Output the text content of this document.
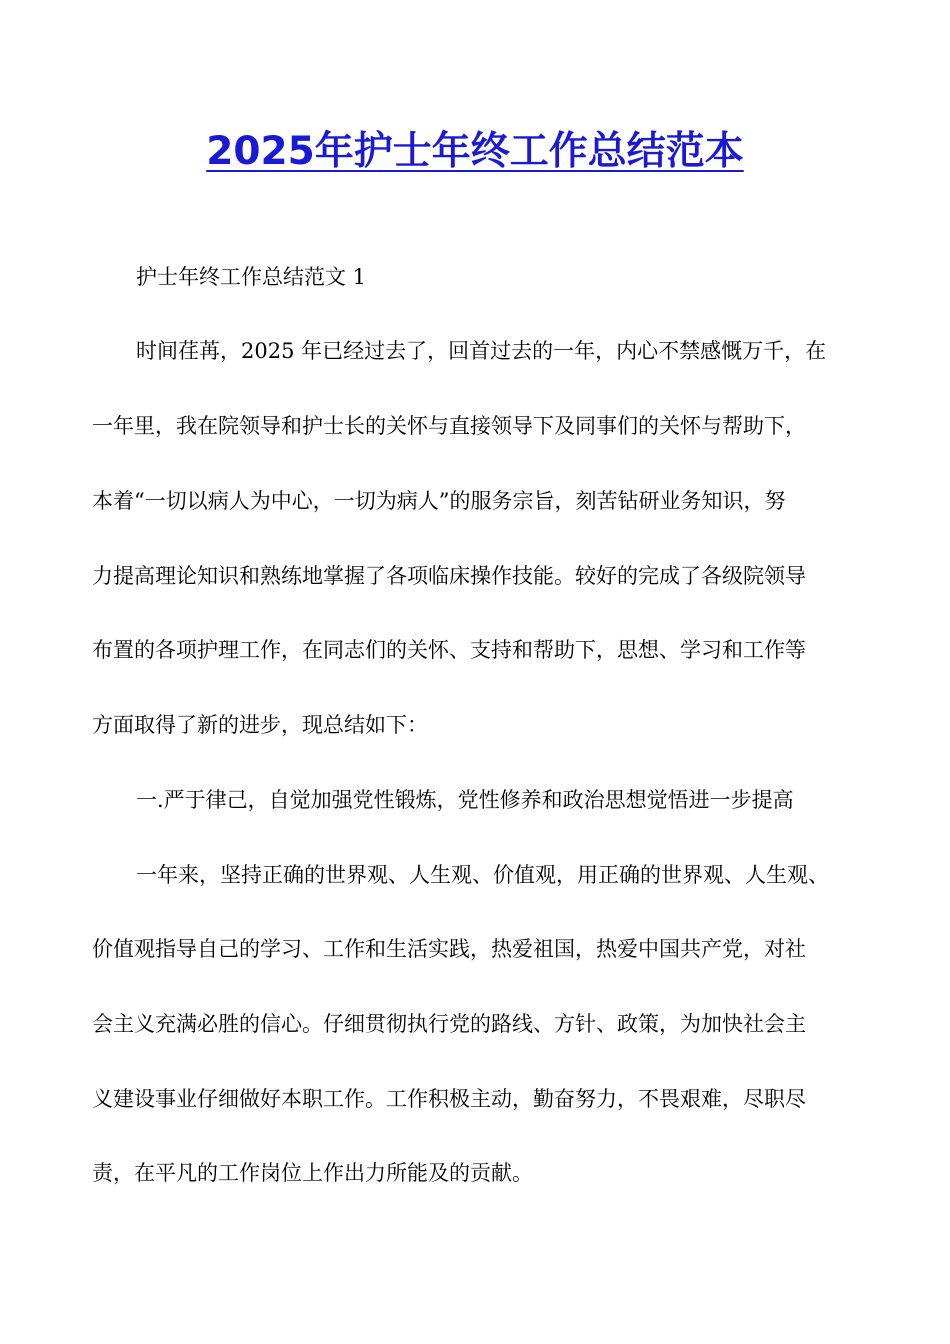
2025年护士年终工作总结范本
护士年终工作总结范文 1
时间荏苒，2025 年已经过去了，回首过去的一年，内心不禁感慨万千，在
一年里，我在院领导和护士长的关怀与直接领导下及同事们的关怀与帮助下，
本着“一切以病人为中心，一切为病人”的服务宗旨，刻苦钻研业务知识，努
力提高理论知识和熟练地掌握了各项临床操作技能。较好的完成了各级院领导
布置的各项护理工作，在同志们的关怀、支持和帮助下，思想、学习和工作等
方面取得了新的进步，现总结如下：
一.严于律己，自觉加强党性锻炼，党性修养和政治思想觉悟进一步提高
一年来，坚持正确的世界观、人生观、价值观，用正确的世界观、人生观、
价值观指导自己的学习、工作和生活实践，热爱祖国，热爱中国共产党，对社
会主义充满必胜的信心。仔细贯彻执行党的路线、方针、政策，为加快社会主
义建设事业仔细做好本职工作。工作积极主动，勤奋努力，不畏艰难，尽职尽
责，在平凡的工作岗位上作出力所能及的贡献。
